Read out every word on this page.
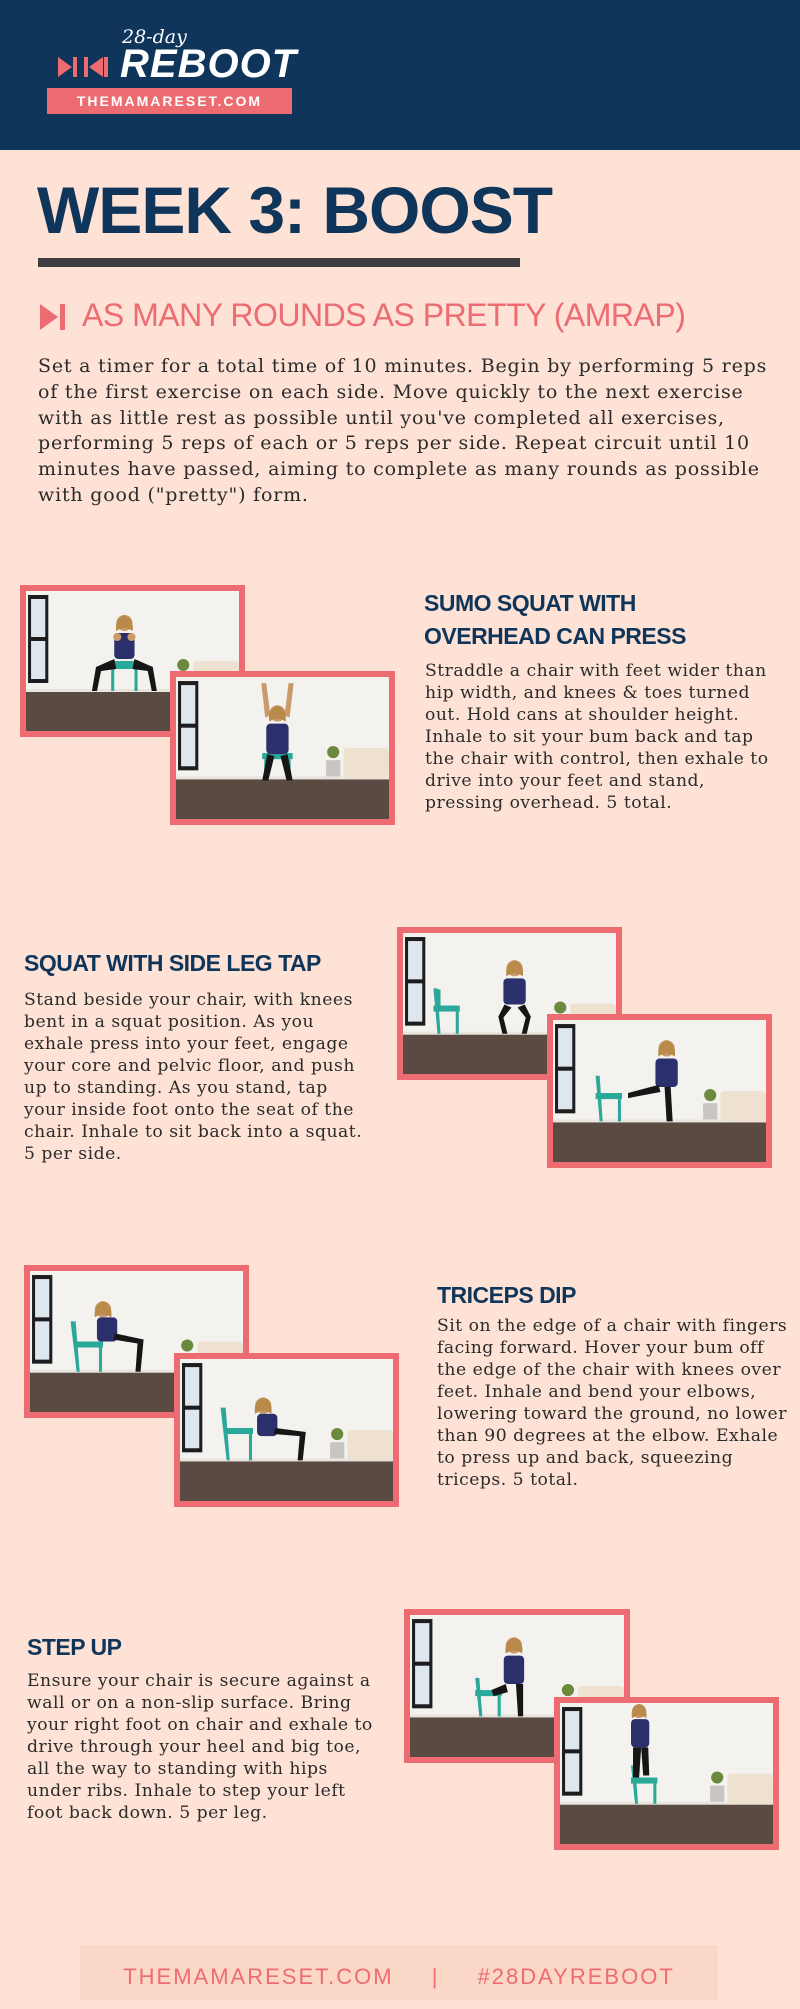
28-day
REBOOT
THEMAMARESET.COM
WEEK 3: BOOST
AS MANY ROUNDS AS PRETTY (AMRAP)

Set a timer for a total time of 10 minutes. Begin by performing 5 reps of the first exercise on each side. Move quickly to the next exercise with as little rest as possible until you've completed all exercises, performing 5 reps of each or 5 reps per side. Repeat circuit until 10 minutes have passed, aiming to complete as many rounds as possible with good ("pretty") form.

SUMO SQUAT WITH OVERHEAD CAN PRESS

Straddle a chair with feet wider than hip width, and knees & toes turned out. Hold cans at shoulder height. Inhale to sit your bum back and tap the chair with control, then exhale to drive into your feet and stand, pressing overhead. 5 total.

SQUAT WITH SIDE LEG TAP

Stand beside your chair, with knees bent in a squat position. As you exhale press into your feet, engage your core and pelvic floor, and push up to standing. As you stand, tap your inside foot onto the seat of the chair. Inhale to sit back into a squat. 5 per side.

TRICEPS DIP

Sit on the edge of a chair with fingers facing forward. Hover your bum off the edge of the chair with knees over feet. Inhale and bend your elbows, lowering toward the ground, no lower than 90 degrees at the elbow. Exhale to press up and back, squeezing triceps. 5 total.

STEP UP

Ensure your chair is secure against a wall or on a non-slip surface. Bring your right foot on chair and exhale to drive through your heel and big toe, all the way to standing with hips under ribs. Inhale to step your left foot back down. 5 per leg.

THEMAMARESET.COM | #28DAYREBOOT
